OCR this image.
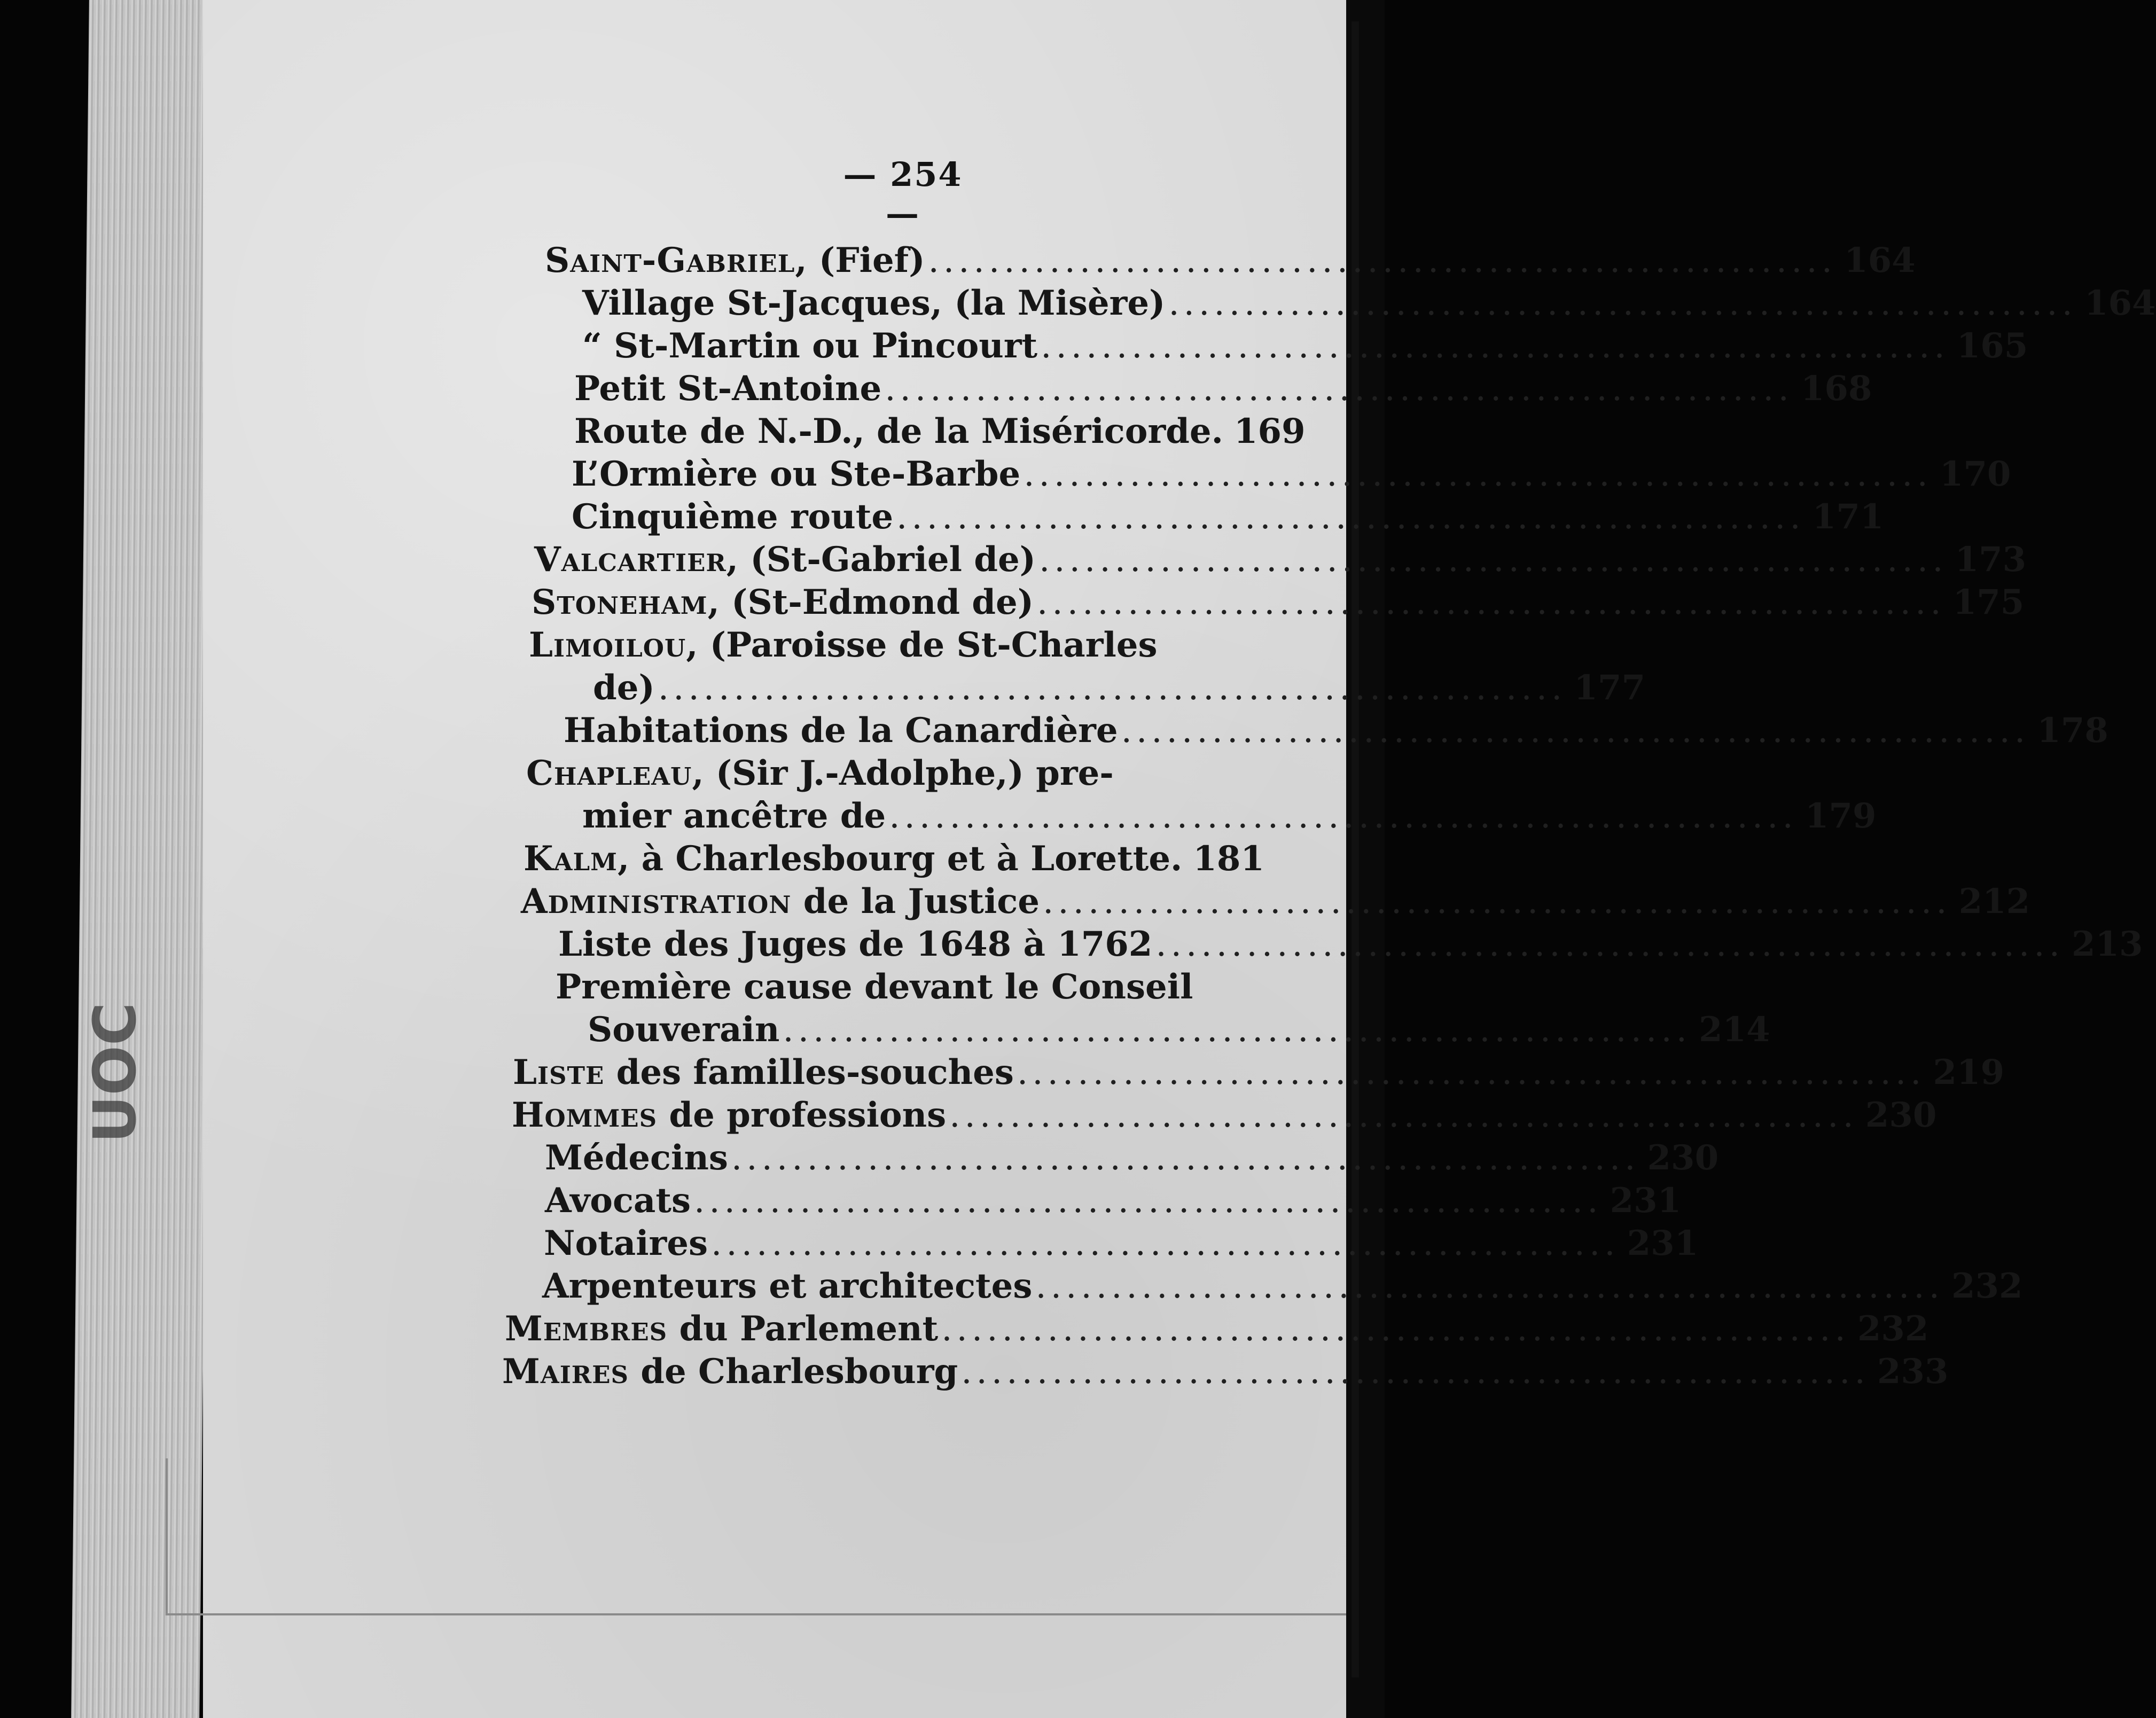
UOC
— 254 —
Saint-Gabriel, (Fief) ............................................................ 164
Village St-Jacques, (la Misère) ............................................................ 164
“ St-Martin ou Pincourt ............................................................ 165
Petit St-Antoine ............................................................ 168
Route de N.-D., de la Miséricorde. 169
L’Ormière ou Ste-Barbe ............................................................ 170
Cinquième route ............................................................ 171
Valcartier, (St-Gabriel de) ............................................................ 173
Stoneham, (St-Edmond de) ............................................................ 175
Limoilou, (Paroisse de St-Charles
de) ............................................................ 177
Habitations de la Canardière ............................................................ 178
Chapleau, (Sir J.-Adolphe,) pre-
mier ancêtre de ............................................................ 179
Kalm, à Charlesbourg et à Lorette. 181
Administration de la Justice ............................................................ 212
Liste des Juges de 1648 à 1762 ............................................................ 213
Première cause devant le Conseil
Souverain ............................................................ 214
Liste des familles-souches ............................................................ 219
Hommes de professions ............................................................ 230
Médecins ............................................................ 230
Avocats ............................................................ 231
Notaires ............................................................ 231
Arpenteurs et architectes ............................................................ 232
Membres du Parlement ............................................................ 232
Maires de Charlesbourg ............................................................ 233
